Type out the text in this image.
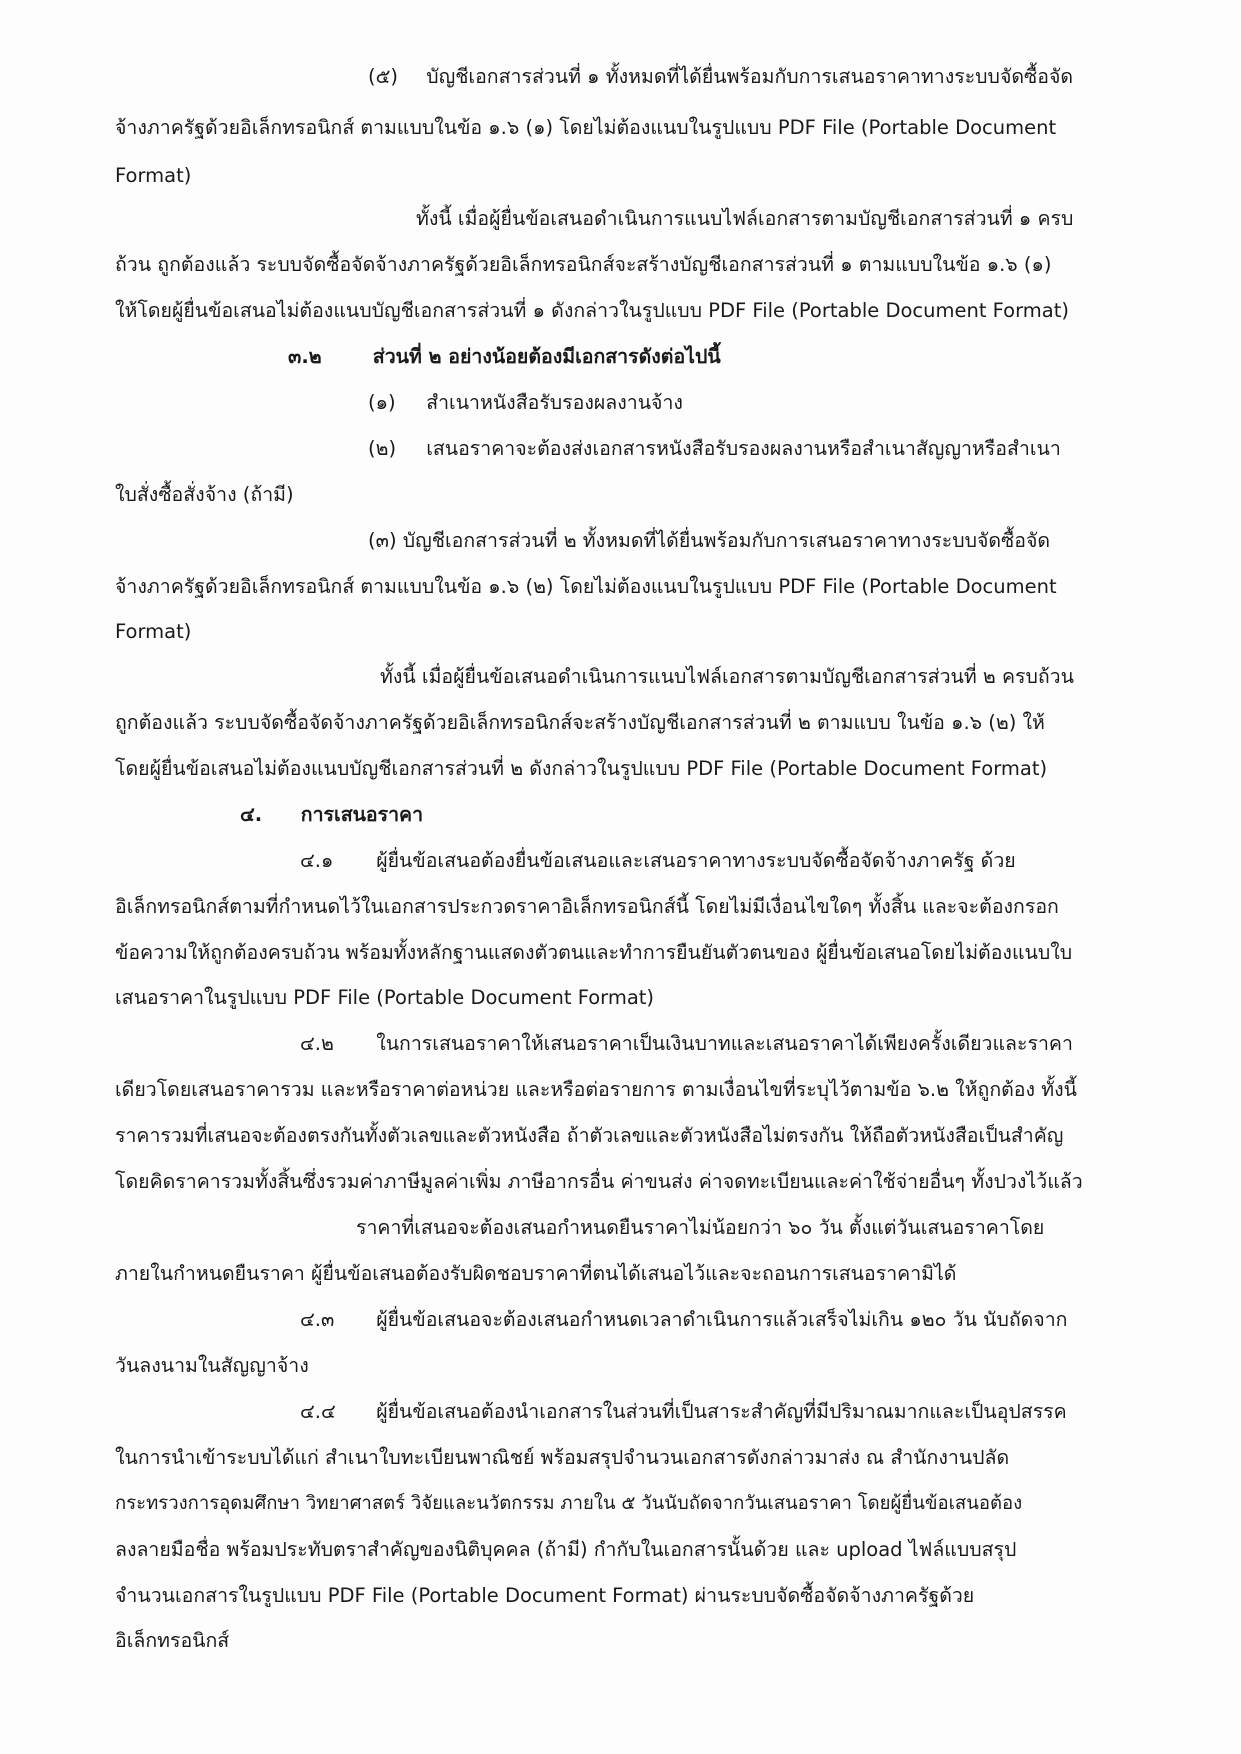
(๕) บัญชีเอกสารส่วนที่ ๑ ทั้งหมดที่ได้ยื่นพร้อมกับการเสนอราคาทางระบบจัดซื้อจัด
จ้างภาครัฐด้วยอิเล็กทรอนิกส์ ตามแบบในข้อ ๑.๖ (๑) โดยไม่ต้องแนบในรูปแบบ PDF File (Portable Document
Format)
ทั้งนี้ เมื่อผู้ยื่นข้อเสนอดำเนินการแนบไฟล์เอกสารตามบัญชีเอกสารส่วนที่ ๑ ครบ
ถ้วน ถูกต้องแล้ว ระบบจัดซื้อจัดจ้างภาครัฐด้วยอิเล็กทรอนิกส์จะสร้างบัญชีเอกสารส่วนที่ ๑ ตามแบบในข้อ ๑.๖ (๑)
ให้โดยผู้ยื่นข้อเสนอไม่ต้องแนบบัญชีเอกสารส่วนที่ ๑ ดังกล่าวในรูปแบบ PDF File (Portable Document Format)
๓.๒	ส่วนที่ ๒ อย่างน้อยต้องมีเอกสารดังต่อไปนี้
(๑) สำเนาหนังสือรับรองผลงานจ้าง
(๒) เสนอราคาจะต้องส่งเอกสารหนังสือรับรองผลงานหรือสำเนาสัญญาหรือสำเนา
ใบสั่งซื้อสั่งจ้าง (ถ้ามี)
(๓) บัญชีเอกสารส่วนที่ ๒ ทั้งหมดที่ได้ยื่นพร้อมกับการเสนอราคาทางระบบจัดซื้อจัด
จ้างภาครัฐด้วยอิเล็กทรอนิกส์ ตามแบบในข้อ ๑.๖ (๒) โดยไม่ต้องแนบในรูปแบบ PDF File (Portable Document
Format)
ทั้งนี้ เมื่อผู้ยื่นข้อเสนอดำเนินการแนบไฟล์เอกสารตามบัญชีเอกสารส่วนที่ ๒ ครบถ้วน
ถูกต้องแล้ว ระบบจัดซื้อจัดจ้างภาครัฐด้วยอิเล็กทรอนิกส์จะสร้างบัญชีเอกสารส่วนที่ ๒ ตามแบบ ในข้อ ๑.๖ (๒) ให้
โดยผู้ยื่นข้อเสนอไม่ต้องแนบบัญชีเอกสารส่วนที่ ๒ ดังกล่าวในรูปแบบ PDF File (Portable Document Format)
๔. การเสนอราคา
๔.๑ ผู้ยื่นข้อเสนอต้องยื่นข้อเสนอและเสนอราคาทางระบบจัดซื้อจัดจ้างภาครัฐ ด้วย
อิเล็กทรอนิกส์ตามที่กำหนดไว้ในเอกสารประกวดราคาอิเล็กทรอนิกส์นี้ โดยไม่มีเงื่อนไขใดๆ ทั้งสิ้น และจะต้องกรอก
ข้อความให้ถูกต้องครบถ้วน พร้อมทั้งหลักฐานแสดงตัวตนและทำการยืนยันตัวตนของ ผู้ยื่นข้อเสนอโดยไม่ต้องแนบใบ
เสนอราคาในรูปแบบ PDF File (Portable Document Format)
๔.๒ ในการเสนอราคาให้เสนอราคาเป็นเงินบาทและเสนอราคาได้เพียงครั้งเดียวและราคา
เดียวโดยเสนอราคารวม และหรือราคาต่อหน่วย และหรือต่อรายการ ตามเงื่อนไขที่ระบุไว้ตามข้อ ๖.๒ ให้ถูกต้อง ทั้งนี้
ราคารวมที่เสนอจะต้องตรงกันทั้งตัวเลขและตัวหนังสือ ถ้าตัวเลขและตัวหนังสือไม่ตรงกัน ให้ถือตัวหนังสือเป็นสำคัญ
โดยคิดราคารวมทั้งสิ้นซึ่งรวมค่าภาษีมูลค่าเพิ่ม ภาษีอากรอื่น ค่าขนส่ง ค่าจดทะเบียนและค่าใช้จ่ายอื่นๆ ทั้งปวงไว้แล้ว
ราคาที่เสนอจะต้องเสนอกำหนดยืนราคาไม่น้อยกว่า ๖๐ วัน ตั้งแต่วันเสนอราคาโดย
ภายในกำหนดยืนราคา ผู้ยื่นข้อเสนอต้องรับผิดชอบราคาที่ตนได้เสนอไว้และจะถอนการเสนอราคามิได้
๔.๓ ผู้ยื่นข้อเสนอจะต้องเสนอกำหนดเวลาดำเนินการแล้วเสร็จไม่เกิน ๑๒๐ วัน นับถัดจาก
วันลงนามในสัญญาจ้าง
๔.๔ ผู้ยื่นข้อเสนอต้องนำเอกสารในส่วนที่เป็นสาระสำคัญที่มีปริมาณมากและเป็นอุปสรรค
ในการนำเข้าระบบได้แก่ สำเนาใบทะเบียนพาณิชย์ พร้อมสรุปจำนวนเอกสารดังกล่าวมาส่ง ณ สำนักงานปลัด
กระทรวงการอุดมศึกษา วิทยาศาสตร์ วิจัยและนวัตกรรม ภายใน ๕ วันนับถัดจากวันเสนอราคา โดยผู้ยื่นข้อเสนอต้อง
ลงลายมือชื่อ พร้อมประทับตราสำคัญของนิติบุคคล (ถ้ามี) กำกับในเอกสารนั้นด้วย และ upload ไฟล์แบบสรุป
จำนวนเอกสารในรูปแบบ PDF File (Portable Document Format) ผ่านระบบจัดซื้อจัดจ้างภาครัฐด้วย
อิเล็กทรอนิกส์
